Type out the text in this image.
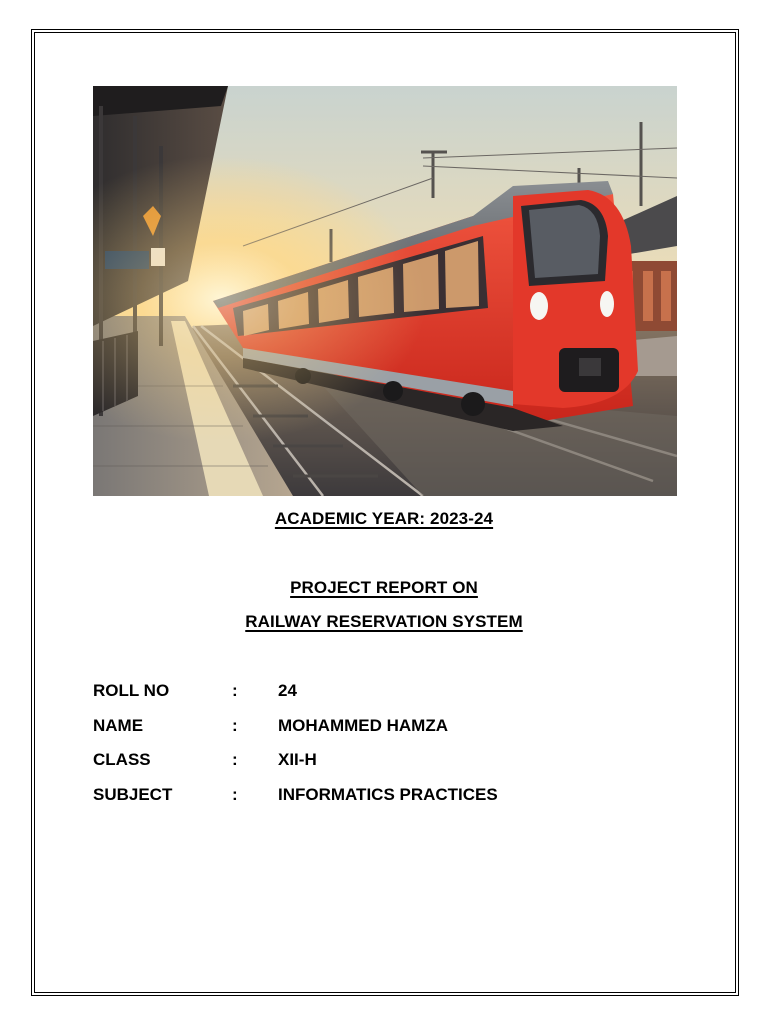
ACADEMIC YEAR: 2023-24
PROJECT REPORT ON
RAILWAY RESERVATION SYSTEM
ROLL NO	: 24
NAME	: MOHAMMED HAMZA
CLASS	: XII-H
SUBJECT	: INFORMATICS PRACTICES
